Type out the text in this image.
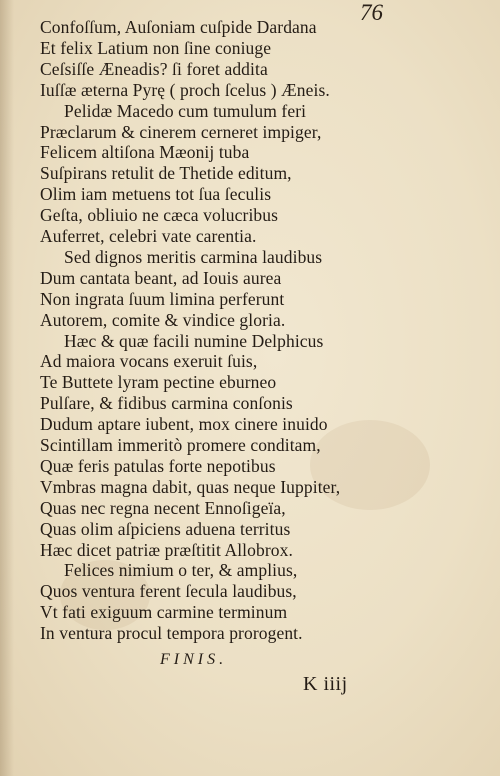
76
Confoſſum, Auſoniam cuſpide Dardana
Et felix Latium non ſine coniuge
Ceſsiſſe Æneadis? ſi foret addita
Iuſſæ æterna Pyrę ( proch ſcelus ) Æneis.
Pelidæ Macedo cum tumulum feri
Præclarum & cinerem cerneret impiger,
Felicem altiſona Mæonij tuba
Suſpirans retulit de Thetide editum,
Olim iam metuens tot ſua ſeculis
Geſta, obliuio ne cæca volucribus
Auferret, celebri vate carentia.
Sed dignos meritis carmina laudibus
Dum cantata beant, ad Iouis aurea
Non ingrata ſuum limina perferunt
Autorem, comite & vindice gloria.
Hæc & quæ facili numine Delphicus
Ad maiora vocans exeruit ſuis,
Te Buttete lyram pectine eburneo
Pulſare, & fidibus carmina conſonis
Dudum aptare iubent, mox cinere inuido
Scintillam immeritò promere conditam,
Quæ feris patulas forte nepotibus
Vmbras magna dabit, quas neque Iuppiter,
Quas nec regna necent Ennoſigeïa,
Quas olim aſpiciens aduena territus
Hæc dicet patriæ præſtitit Allobrox.
Felices nimium o ter, & amplius,
Quos ventura ferent ſecula laudibus,
Vt fati exiguum carmine terminum
In ventura procul tempora prorogent.
FINIS.
K iiij
